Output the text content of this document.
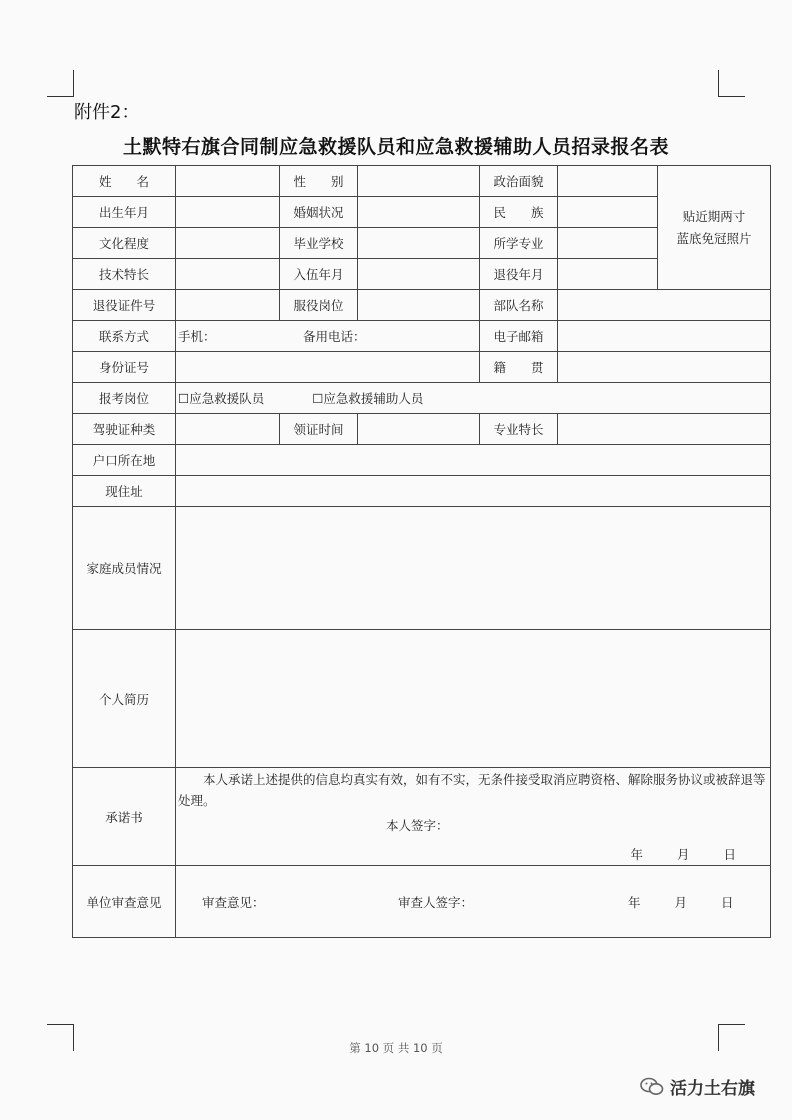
附件2：
土默特右旗合同制应急救援队员和应急救援辅助人员招录报名表
姓　　名		性　　别		政治面貌		贴近期两寸
蓝底免冠照片

出生年月		婚姻状况		民　　族		
文化程度		毕业学校		所学专业		
技术特长		入伍年月		退役年月		
退役证件号		服役岗位		部队名称		
联系方式	手机： 备用电话：			电子邮箱		
身份证号				籍　　贯		
报考岗位	☐应急救援队员 ☐应急救援辅助人员					
驾驶证种类		领证时间		专业特长		
户口所在地						
现住址						
家庭成员情况						
个人简历						
承诺书	本人承诺上述提供的信息均真实有效，如有不实，无条件接受取消应聘资格、解除服务协议或被辞退等处理。
本人签字：
年 月 日					

单位审查意见	审查意见： 审查人签字： 年 月 日					
第 10 页 共 10 页
活力土右旗
